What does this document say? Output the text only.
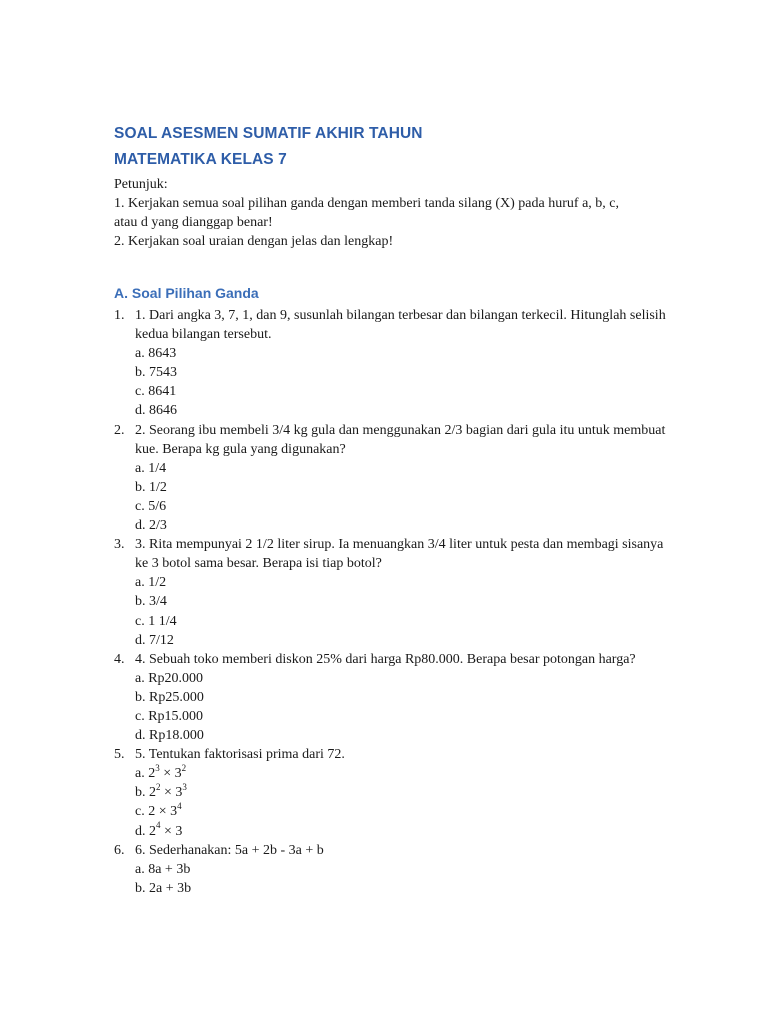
SOAL ASESMEN SUMATIF AKHIR TAHUN
MATEMATIKA KELAS 7
Petunjuk:
1. Kerjakan semua soal pilihan ganda dengan memberi tanda silang (X) pada huruf a, b, c,
atau d yang dianggap benar!
2. Kerjakan soal uraian dengan jelas dan lengkap!
A. Soal Pilihan Ganda
1. 1. Dari angka 3, 7, 1, dan 9, susunlah bilangan terbesar dan bilangan terkecil. Hitunglah selisih kedua bilangan tersebut.
a. 8643
b. 7543
c. 8641
d. 8646
2. 2. Seorang ibu membeli 3/4 kg gula dan menggunakan 2/3 bagian dari gula itu untuk membuat kue. Berapa kg gula yang digunakan?
a. 1/4
b. 1/2
c. 5/6
d. 2/3
3. 3. Rita mempunyai 2 1/2 liter sirup. Ia menuangkan 3/4 liter untuk pesta dan membagi sisanya ke 3 botol sama besar. Berapa isi tiap botol?
a. 1/2
b. 3/4
c. 1 1/4
d. 7/12
4. 4. Sebuah toko memberi diskon 25% dari harga Rp80.000. Berapa besar potongan harga?
a. Rp20.000
b. Rp25.000
c. Rp15.000
d. Rp18.000
5. 5. Tentukan faktorisasi prima dari 72.
a. $2^3 \times 3^2$
b. $2^2 \times 3^3$
c. $2 \times 3^4$
d. $2^4 \times 3$
6. 6. Sederhanakan: 5a + 2b - 3a + b
a. 8a + 3b
b. 2a + 3b
